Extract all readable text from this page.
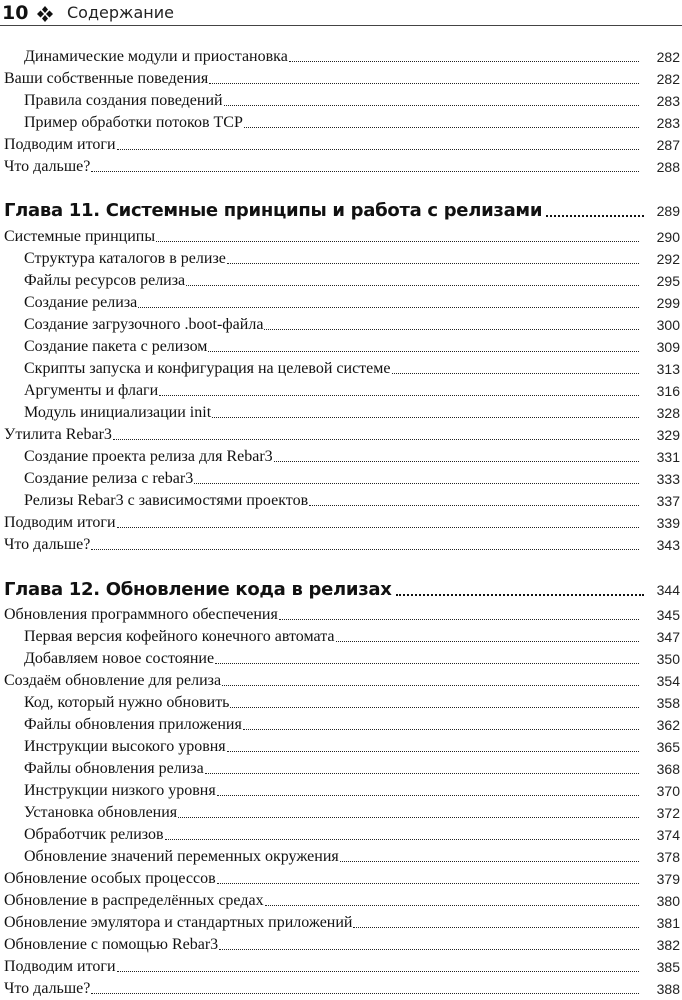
10 Содержание
Динамические модули и приостановка	282
Ваши собственные поведения	282
Правила создания поведений	283
Пример обработки потоков TCP	283
Подводим итоги	287
Что дальше?	288
Глава 11. Системные принципы и работа с релизами	289
Системные принципы	290
Структура каталогов в релизе	292
Файлы ресурсов релиза	295
Создание релиза	299
Создание загрузочного .boot-файла	300
Создание пакета с релизом	309
Скрипты запуска и конфигурация на целевой системе	313
Аргументы и флаги	316
Модуль инициализации init	328
Утилита Rebar3	329
Создание проекта релиза для Rebar3	331
Создание релиза с rebar3	333
Релизы Rebar3 с зависимостями проектов	337
Подводим итоги	339
Что дальше?	343
Глава 12. Обновление кода в релизах	344
Обновления программного обеспечения	345
Первая версия кофейного конечного автомата	347
Добавляем новое состояние	350
Создаём обновление для релиза	354
Код, который нужно обновить	358
Файлы обновления приложения	362
Инструкции высокого уровня	365
Файлы обновления релиза	368
Инструкции низкого уровня	370
Установка обновления	372
Обработчик релизов	374
Обновление значений переменных окружения	378
Обновление особых процессов	379
Обновление в распределённых средах	380
Обновление эмулятора и стандартных приложений	381
Обновление с помощью Rebar3	382
Подводим итоги	385
Что дальше?	388
